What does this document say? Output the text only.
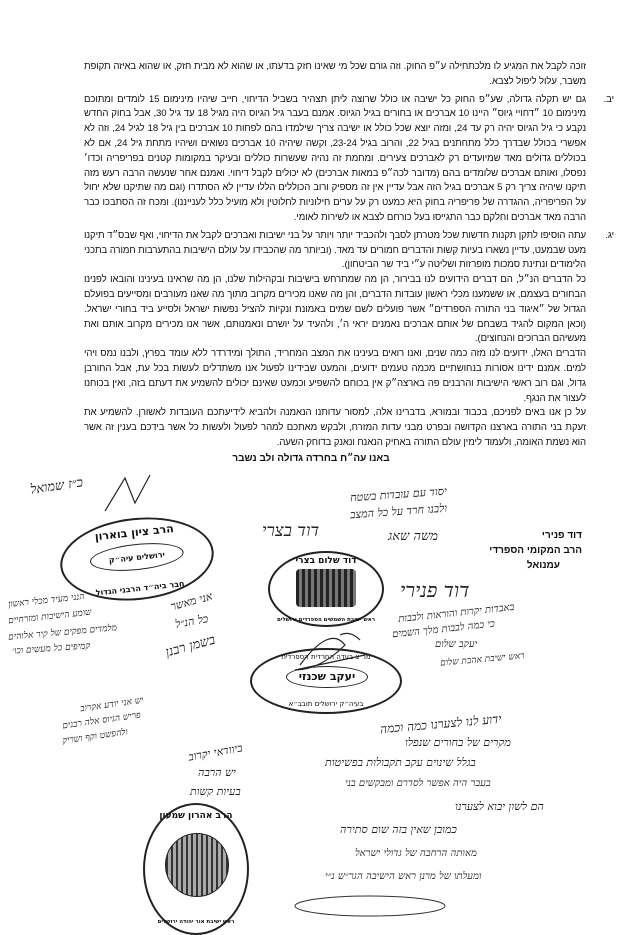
זוכה לקבל את המגיע לו מלכתחילה ע״פ החוק. וזה גורם שכל מי שאינו חזק בדעתו, או שהוא לא מבית חזק, או שהוא באיזה תקופת משבר, עלול ליפול לצבא.

יב.
גם יש תקלה גדולה, שע״פ החוק כל ישיבה או כולל שרוצה ליתן תצהיר בשביל הדיחוי, חייב שיהיו מינימום 15 לומדים ומתוכם מינימום 10 ״דחויי גיוס״ היינו 10 אברכים או בחורים בגיל הגיוס. אמנם בעבר גיל הגיוס היה מגיל 18 עד גיל 30, אבל בחוק החדש נקבע כי גיל הגיוס יהיה רק עד 24, ומזה יוצא שכל כולל או ישיבה צריך שילמדו בהם לפחות 10 אברכים בין גיל 18 לגיל 24, וזה לא אפשרי בכולל שבדרך כלל מתחתנים בגיל 22, והרוב בגיל 23-24, וקשה שיהיה 10 אברכים נשואים ושיהיו מתחת גיל 24, אם לא בכוללים גדולים מאד שמיועדים רק לאברכים צעירים. ומחמת זה נהיה שעשרות כוללים ובעיקר במקומות קטנים בפריפריה וכדו׳ נפסלו, ואותם אברכים שלומדים בהם (מדובר לכה״פ במאות אברכים) לא יכולים לקבל דיחוי. ואמנם אחר שנעשה הרבה רעש מזה תיקנו שיהיה צריך רק 5 אברכים בגיל הזה אבל עדיין אין זה מספיק ורוב הכוללים הללו עדיין לא הסתדרו (וגם מה שתיקנו שלא יחול על הפריפריה, ההגדרה של פריפריה בחוק היא כמעט רק על ערים חילוניות לחלוטין ולא מועיל כלל לענייננו). ומכח זה הסתבכו כבר הרבה מאד אברכים וחלקם כבר התגייסו בעל כורחם לצבא או לשירות לאומי.
יג.
עתה הוסיפו לתקן תקנות חדשות שכל מטרתן לסבך ולהכביד יותר ויותר על בני ישיבות ואברכים לקבל את הדיחוי, ואף שבס״ד תיקנו מעט שבמעט, עדיין נשארו בעיות קשות והדברים חמורים עד מאד. (וביותר מה שהכבידו על עולם הישיבות בהתערבות חמורה בתכני הלימודים ונתינת סמכות מופרזות ושליטה ע״י ביד שר הביטחון).

כל הדברים הנ״ל, הם דברים הידועים לנו בבירור, הן מה שמתרחש בישיבות ובקהילות שלנו, הן מה שראינו בעינינו והובאו לפנינו הבחורים בעצמם, או ששמענו מכלי ראשון עובדות הדברים, והן מה שאנו מכירים מקרוב מתוך מה שאנו מעורבים ומסייעים בפועלם הגדול של ״איגוד בני התורה הספרדים״ אשר פועלים לשם שמים באמונת ונקיות להציל נפשות ישראל ולסייע ביד בחורי ישראל. (וכאן המקום להגיד בשבחם של אותם אברכים נאמנים יראי ה׳, ולהעיד על יושרם ונאמנותם, אשר אנו מכירים מקרוב אותם ואת מעשיהם הברוכים והנחוצים).

הדברים האלו, ידועים לנו מזה כמה שנים, ואנו רואים בעינינו את המצב המחריד, התולך ומידרדר ללא עומד בפרץ, ולבנו נמס ויהי למים. אמנם ידינו אסורות בנחושתיים מכמה טעמים ידועים, והמעט שבידינו לפעול אנו משתדלים לעשות בכל עת, אבל החורבן גדול, וגם רוב ראשי הישיבות והרבנים פה בארצה״ק אין בכוחם להשפיע וכמעט שאינם יכולים להשמיע את דעתם בזה, ואין בכוחנו לעצור את הנגף.

על כן אנו באים לפניכם, בכבוד ובמורא, בדברינו אלה, למסור עדותנו הנאמנה ולהביא לידיעתכם העובדות לאשורן. להשמיע את זעקת בני התורה בארצנו הקדושה ובפרט מבני עדות המזרח, ולבקש מאתכם למהר לפעול ולעשות כל אשר בידכם בענין זה אשר הוא נשמת האומה, ולעמוד לימין עולם התורה באחיק הנאנח ונאנק בדוחק השעה.

באנו עה״ח בחרדה גדולה ולב נשבר
הרב ציון בוארון
ירושלים עיה״ק
חבר ביה״ד הרבני הגדול
דוד שלום בצרי
ראש ישיבת השמשים הספרדים ירושלים
מו״צ בעדה החרדית הספרדית
יעקב שכנזי
בעיה״ק ירושלים תובב״א
הרב אהרון שמעון
ראש ישיבת אור יהודה ירושלים
דוד פנירי
הרב המקומי הספרדי
עמנואל
כ״ז שמואל
דוד בצרי
יסוד עם עובדות בשטח
ולבנו חרד על כל המצב
משה שאג
דוד פנירי
באבדות יקרות והוראות ולבבות
כי כמה לבבות מלך השמים
יעקב שלום
ראש ישיבת אהבת שלום
הנני מעיד מכלי ראשון
שומע הישיבות ומזרחיים
מלמדים מפקים של קיר אלוהים
קמיפים כל מעשים וכו׳
אני מאשר
כל הנ״ל
בשמן רבנן
יש אני יודע אקרוב
פריש הגיוס אלה רבנים
ולהפשט וקף ושריק
ביוודאי יקרוב
יש הרבה
בעיות קשות
ידוע לנו לצערנו כמה וכמה
מקרים של בחורים שנפלו
בגלל שינוים עקב תקבולות בפשיטות
בעבר היה אפשר לסדרם ומבקשים בני
הם לשון יבוא לצערנו
כמובן שאין בזה שום סתירה
מאותה הרחבה של גדולי ישראל
ומעלתו של מרנן ראש הישיבה הגר״ש נ״י
